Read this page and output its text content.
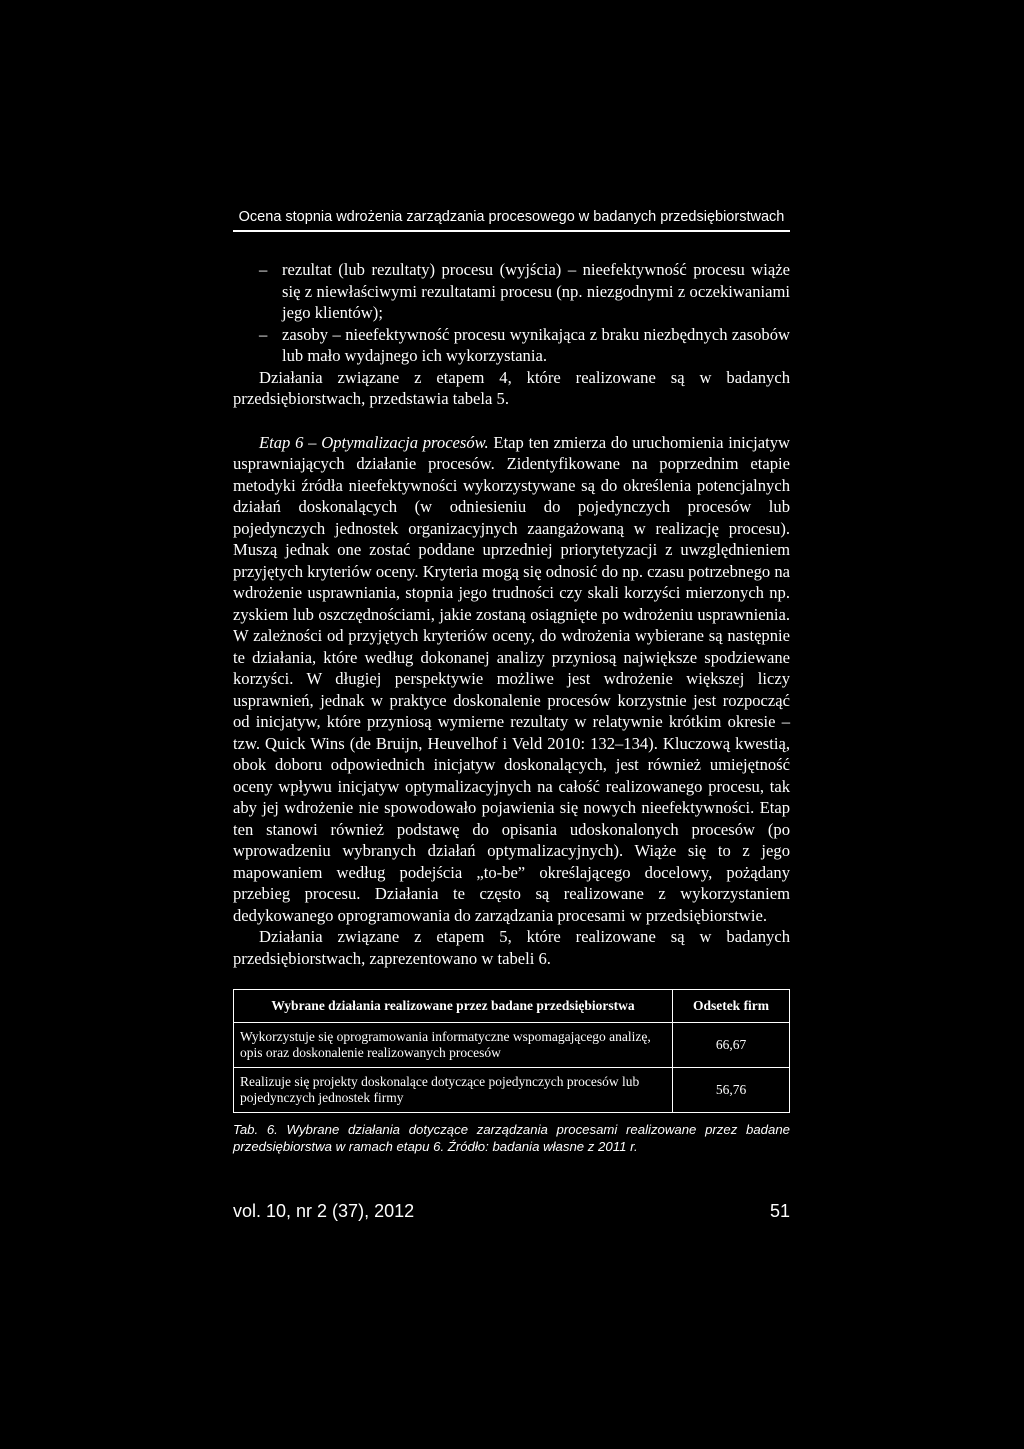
Ocena stopnia wdrożenia zarządzania procesowego w badanych przedsiębiorstwach
– rezultat (lub rezultaty) procesu (wyjścia) – nieefektywność procesu wiąże się z niewłaściwymi rezultatami procesu (np. niezgodnymi z oczekiwaniami jego klientów);
– zasoby – nieefektywność procesu wynikająca z braku niezbędnych zasobów lub mało wydajnego ich wykorzystania.

Działania związane z etapem 4, które realizowane są w badanych przedsiębiorstwach, przedstawia tabela 5.

Etap 6 – Optymalizacja procesów. Etap ten zmierza do uruchomienia inicjatyw usprawniających działanie procesów. Zidentyfikowane na poprzednim etapie metodyki źródła nieefektywności wykorzystywane są do określenia potencjalnych działań doskonalących (w odniesieniu do pojedynczych procesów lub pojedynczych jednostek organizacyjnych zaangażowaną w realizację procesu). Muszą jednak one zostać poddane uprzedniej priorytetyzacji z uwzględnieniem przyjętych kryteriów oceny. Kryteria mogą się odnosić do np. czasu potrzebnego na wdrożenie usprawniania, stopnia jego trudności czy skali korzyści mierzonych np. zyskiem lub oszczędnościami, jakie zostaną osiągnięte po wdrożeniu usprawnienia. W zależności od przyjętych kryteriów oceny, do wdrożenia wybierane są następnie te działania, które według dokonanej analizy przyniosą największe spodziewane korzyści. W długiej perspektywie możliwe jest wdrożenie większej liczy usprawnień, jednak w praktyce doskonalenie procesów korzystnie jest rozpocząć od inicjatyw, które przyniosą wymierne rezultaty w relatywnie krótkim okresie – tzw. Quick Wins (de Bruijn, Heuvelhof i Veld 2010: 132–134). Kluczową kwestią, obok doboru odpowiednich inicjatyw doskonalących, jest również umiejętność oceny wpływu inicjatyw optymalizacyjnych na całość realizowanego procesu, tak aby jej wdrożenie nie spowodowało pojawienia się nowych nieefektywności. Etap ten stanowi również podstawę do opisania udoskonalonych procesów (po wprowadzeniu wybranych działań optymalizacyjnych). Wiąże się to z jego mapowaniem według podejścia „to-be” określającego docelowy, pożądany przebieg procesu. Działania te często są realizowane z wykorzystaniem dedykowanego oprogramowania do zarządzania procesami w przedsiębiorstwie.

Działania związane z etapem 5, które realizowane są w badanych przedsiębiorstwach, zaprezentowano w tabeli 6.

Wybrane działania realizowane przez badane przedsiębiorstwa	Odsetek firm
Wykorzystuje się oprogramowania informatyczne wspomagającego analizę, opis oraz doskonalenie realizowanych procesów	66,67
Realizuje się projekty doskonalące dotyczące pojedynczych procesów lub pojedynczych jednostek firmy	56,76
Tab. 6. Wybrane działania dotyczące zarządzania procesami realizowane przez badane przedsiębiorstwa w ramach etapu 6. Źródło: badania własne z 2011 r.
vol. 10, nr 2 (37), 2012	51
